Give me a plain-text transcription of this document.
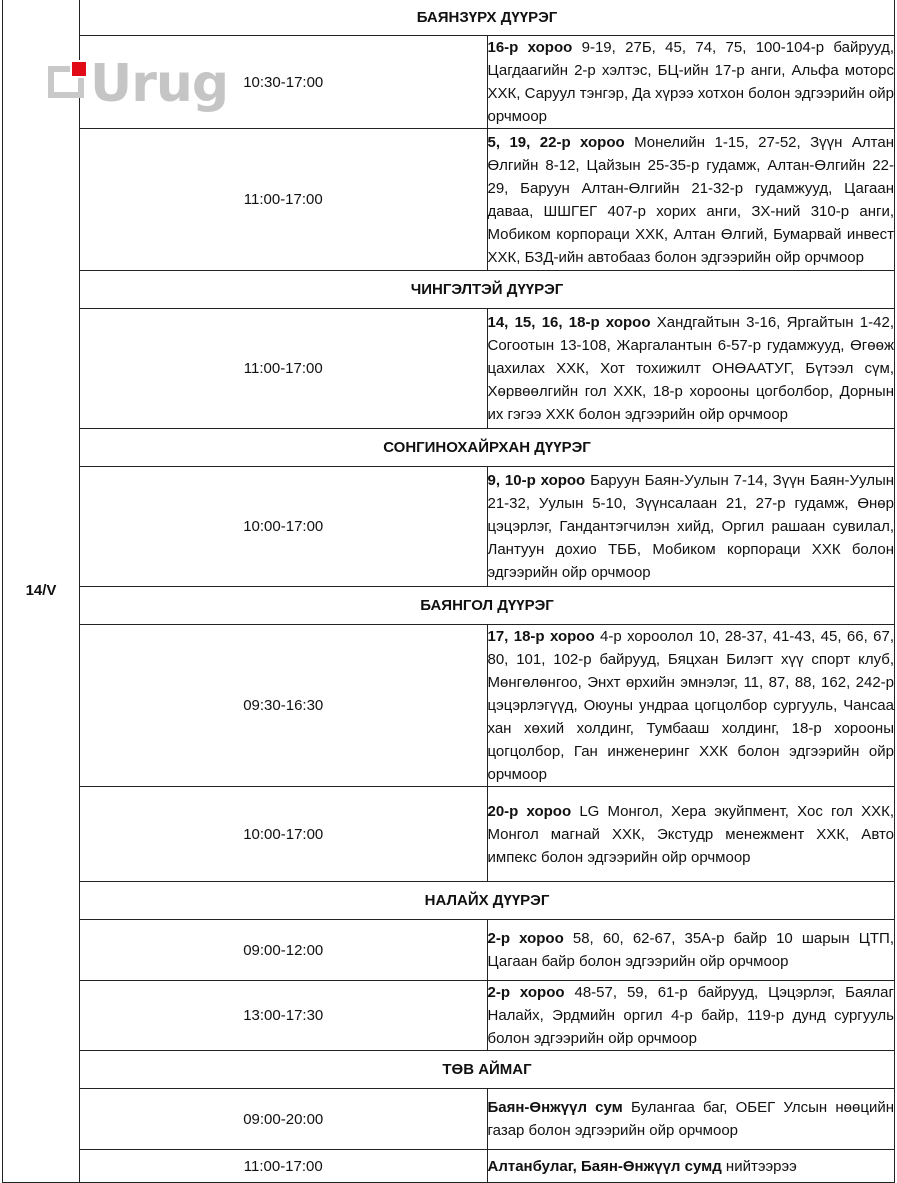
14/V	БАЯНЗҮРХ ДҮҮРЭГ	
	10:30-17:00	16-р хороо 9-19, 27Б, 45, 74, 75, 100-104-р байрууд, Цагдаагийн 2-р хэлтэс, БЦ-ийн 17-р анги, Альфа моторс ХХК, Саруул тэнгэр, Да хүрээ хотхон болон эдгээрийн ойр орчмоор
	11:00-17:00	5, 19, 22-р хороо Монелийн 1-15, 27-52, Зүүн Алтан Өлгийн 8-12, Цайзын 25-35-р гудамж, Алтан-Өлгийн 22-29, Баруун Алтан-Өлгийн 21-32-р гудамжууд, Цагаан даваа, ШШГЕГ 407-р хорих анги, ЗХ-ний 310-р анги, Мобиком корпораци ХХК, Алтан Өлгий, Бумарвай инвест ХХК, БЗД-ийн автобааз болон эдгээрийн ойр орчмоор
	ЧИНГЭЛТЭЙ ДҮҮРЭГ	
	11:00-17:00	14, 15, 16, 18-р хороо Хандгайтын 3-16, Яргайтын 1-42, Согоотын 13-108, Жаргалантын 6-57-р гудамжууд, Өгөөж цахилах ХХК, Хот тохижилт ОНӨААТУГ, Бүтээл сүм, Хөрвөөлгийн гол ХХК, 18-р хорооны цогболбор, Дорнын их гэгээ ХХК болон эдгээрийн ойр орчмоор
	СОНГИНОХАЙРХАН ДҮҮРЭГ	
	10:00-17:00	9, 10-р хороо Баруун Баян-Уулын 7-14, Зүүн Баян-Уулын 21-32, Уулын 5-10, Зүүнсалаан 21, 27-р гудамж, Өнөр цэцэрлэг, Гандантэгчилэн хийд, Оргил рашаан сувилал, Лантуун дохио ТББ, Мобиком корпораци ХХК болон эдгээрийн ойр орчмоор
	БАЯНГОЛ ДҮҮРЭГ	
	09:30-16:30	17, 18-р хороо 4-р хороолол 10, 28-37, 41-43, 45, 66, 67, 80, 101, 102-р байрууд, Бяцхан Билэгт хүү спорт клуб, Мөнгөлөнгоо, Энхт өрхийн эмнэлэг, 11, 87, 88, 162, 242-р цэцэрлэгүүд, Оюуны ундраа цогцолбор сургууль, Чансаа хан хөхий холдинг, Тумбааш холдинг, 18-р хорооны цогцолбор, Ган инженеринг ХХК болон эдгээрийн ойр орчмоор
	10:00-17:00	20-р хороо LG Монгол, Хера экуйпмент, Хос гол ХХК, Монгол магнай ХХК, Экстудр менежмент ХХК, Авто импекс болон эдгээрийн ойр орчмоор
	НАЛАЙХ ДҮҮРЭГ	
	09:00-12:00	2-р хороо 58, 60, 62-67, 35А-р байр 10 шарын ЦТП, Цагаан байр болон эдгээрийн ойр орчмоор
	13:00-17:30	2-р хороо 48-57, 59, 61-р байрууд, Цэцэрлэг, Баялаг Налайх, Эрдмийн оргил 4-р байр, 119-р дунд сургууль болон эдгээрийн ойр орчмоор
	ТӨВ АЙМАГ	
	09:00-20:00	Баян-Өнжүүл сум Булангаа баг, ОБЕГ Улсын нөөцийн газар болон эдгээрийн ойр орчмоор
	11:00-17:00	Алтанбулаг, Баян-Өнжүүл сумд нийтээрээ
Urug
